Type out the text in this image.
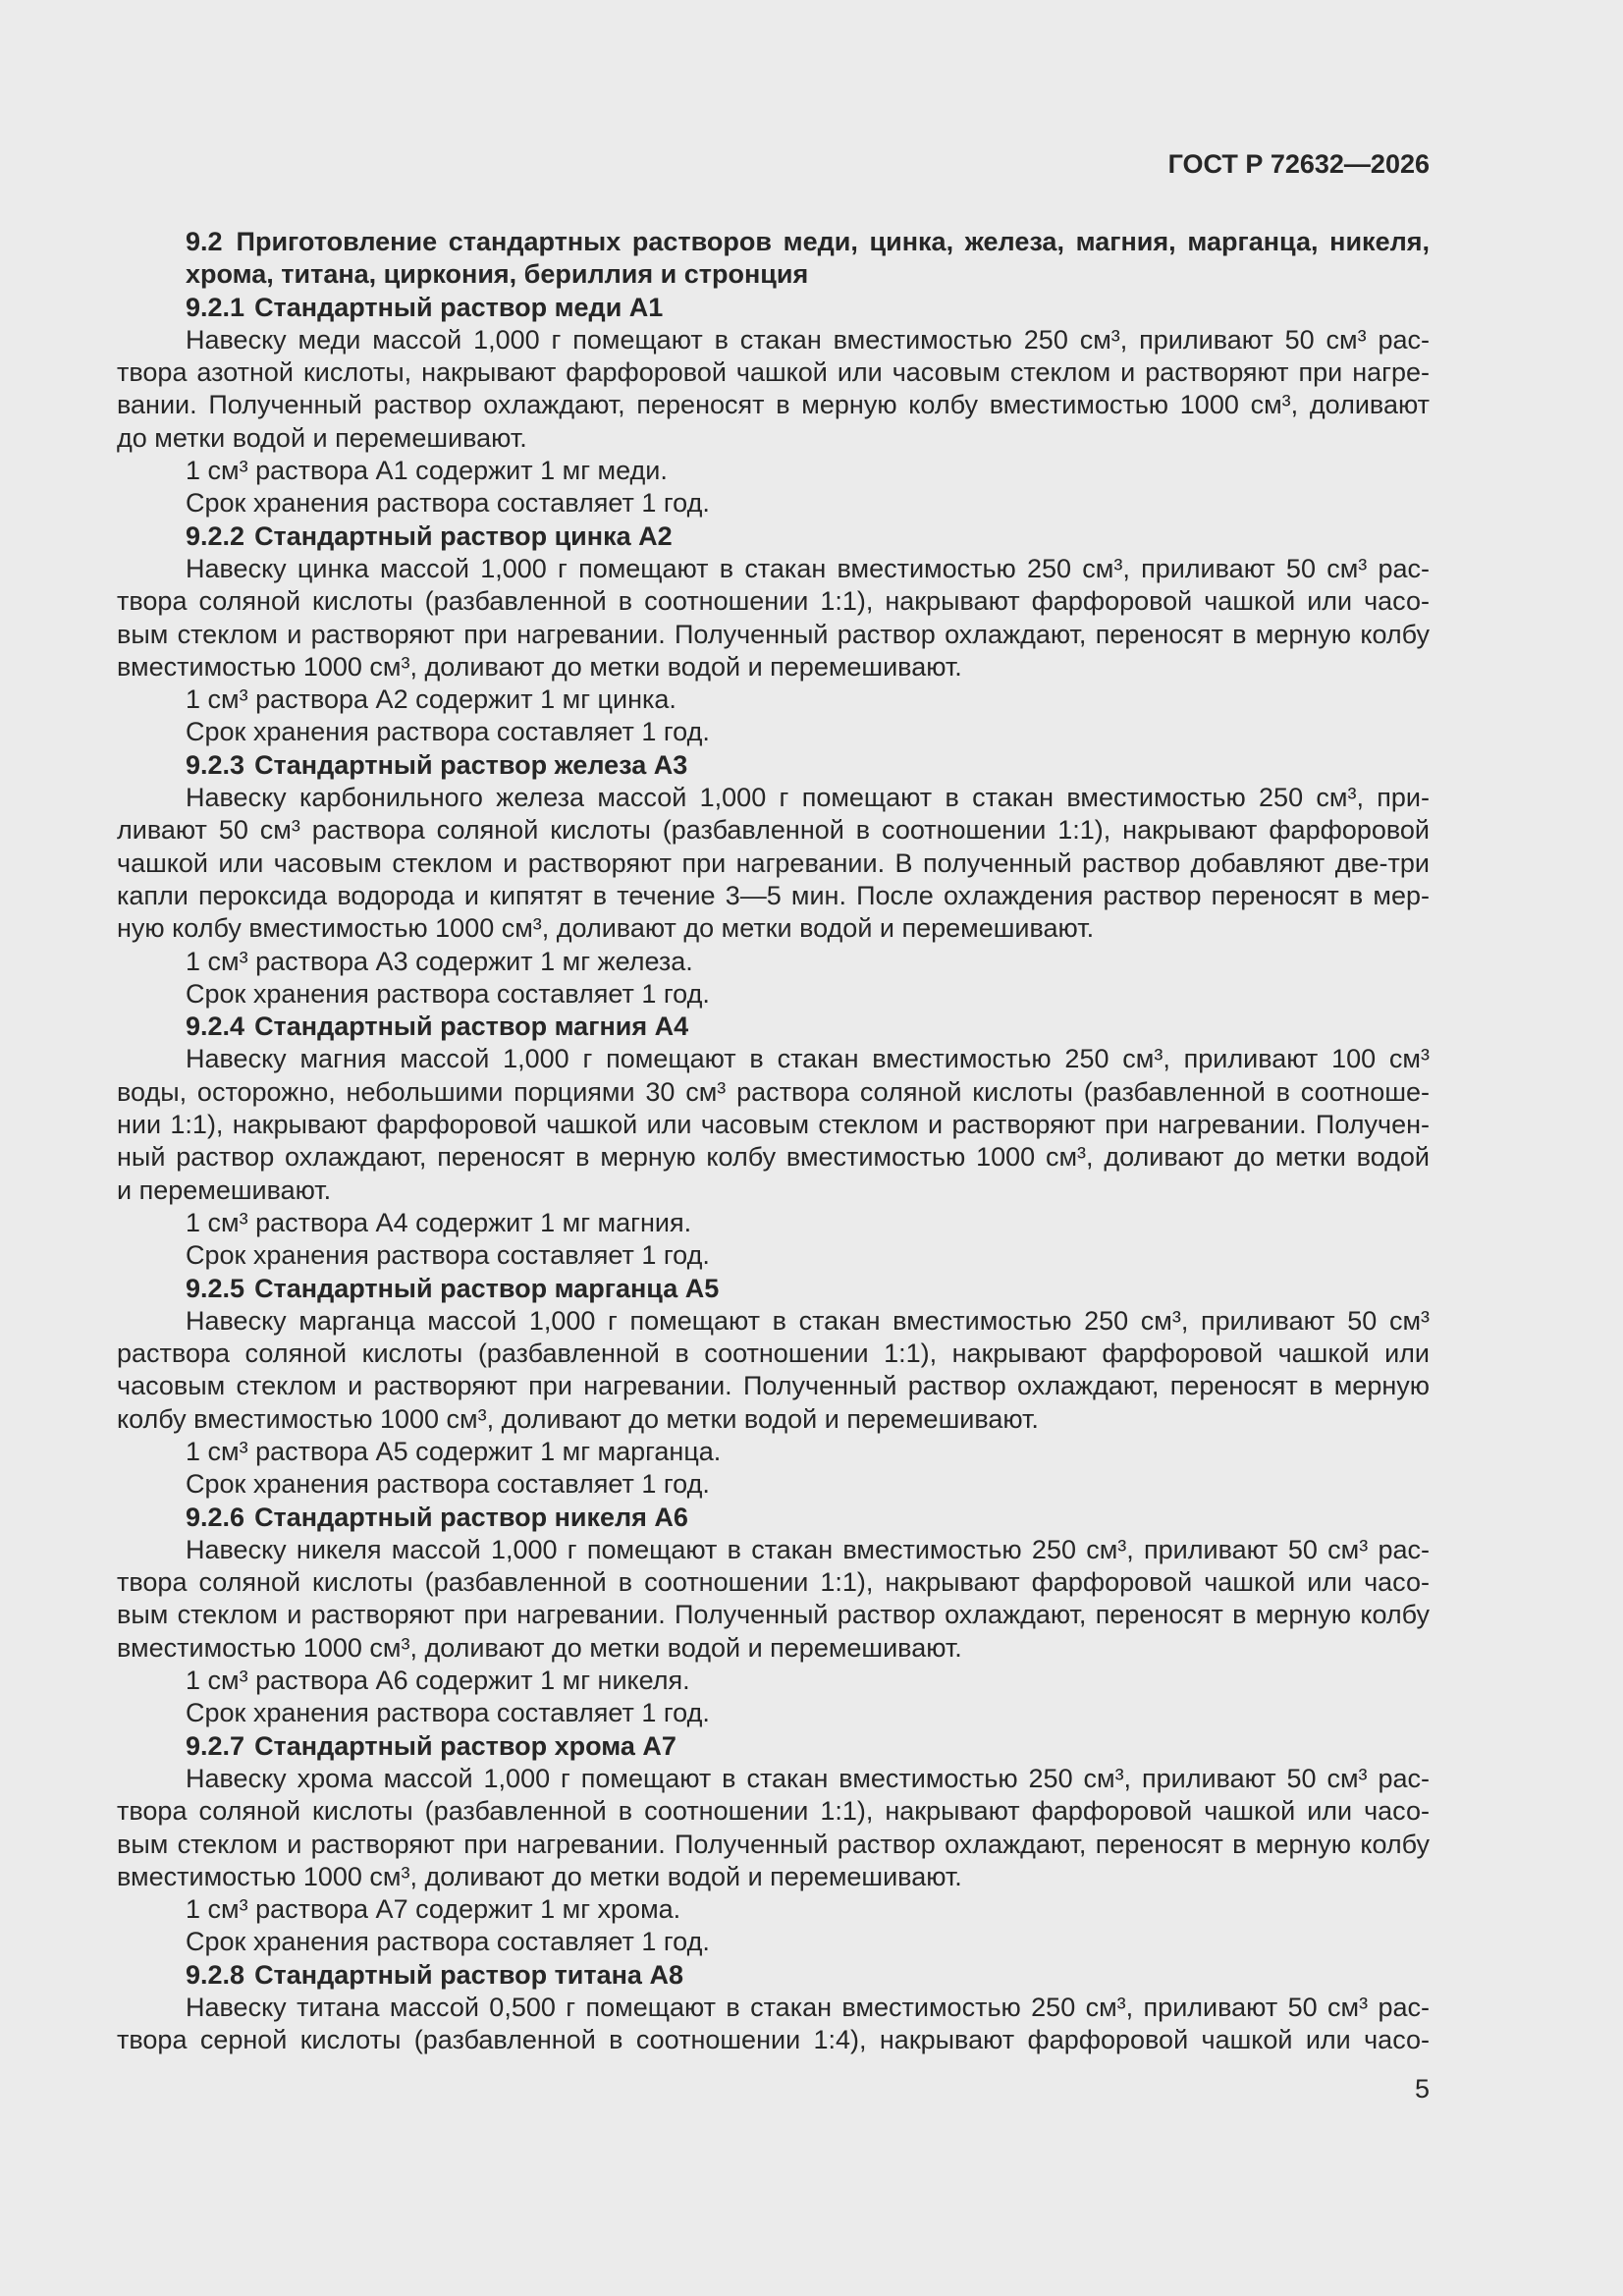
ГОСТ Р 72632—2026
9.2 Приготовление стандартных растворов меди, цинка, железа, магния, марганца, никеля,
хрома, титана, циркония, бериллия и стронция
9.2.1 Стандартный раствор меди А1
Навеску меди массой 1,000 г помещают в стакан вместимостью 250 см³, приливают 50 см³ рас-
твора азотной кислоты, накрывают фарфоровой чашкой или часовым стеклом и растворяют при нагре-
вании. Полученный раствор охлаждают, переносят в мерную колбу вместимостью 1000 см³, доливают
до метки водой и перемешивают.
1 см³ раствора А1 содержит 1 мг меди.
Срок хранения раствора составляет 1 год.
9.2.2 Стандартный раствор цинка А2
Навеску цинка массой 1,000 г помещают в стакан вместимостью 250 см³, приливают 50 см³ рас-
твора соляной кислоты (разбавленной в соотношении 1:1), накрывают фарфоровой чашкой или часо-
вым стеклом и растворяют при нагревании. Полученный раствор охлаждают, переносят в мерную колбу
вместимостью 1000 см³, доливают до метки водой и перемешивают.
1 см³ раствора А2 содержит 1 мг цинка.
Срок хранения раствора составляет 1 год.
9.2.3 Стандартный раствор железа А3
Навеску карбонильного железа массой 1,000 г помещают в стакан вместимостью 250 см³, при-
ливают 50 см³ раствора соляной кислоты (разбавленной в соотношении 1:1), накрывают фарфоровой
чашкой или часовым стеклом и растворяют при нагревании. В полученный раствор добавляют две-три
капли пероксида водорода и кипятят в течение 3—5 мин. После охлаждения раствор переносят в мер-
ную колбу вместимостью 1000 см³, доливают до метки водой и перемешивают.
1 см³ раствора А3 содержит 1 мг железа.
Срок хранения раствора составляет 1 год.
9.2.4 Стандартный раствор магния А4
Навеску магния массой 1,000 г помещают в стакан вместимостью 250 см³, приливают 100 см³
воды, осторожно, небольшими порциями 30 см³ раствора соляной кислоты (разбавленной в соотноше-
нии 1:1), накрывают фарфоровой чашкой или часовым стеклом и растворяют при нагревании. Получен-
ный раствор охлаждают, переносят в мерную колбу вместимостью 1000 см³, доливают до метки водой
и перемешивают.
1 см³ раствора А4 содержит 1 мг магния.
Срок хранения раствора составляет 1 год.
9.2.5 Стандартный раствор марганца А5
Навеску марганца массой 1,000 г помещают в стакан вместимостью 250 см³, приливают 50 см³
раствора соляной кислоты (разбавленной в соотношении 1:1), накрывают фарфоровой чашкой или
часовым стеклом и растворяют при нагревании. Полученный раствор охлаждают, переносят в мерную
колбу вместимостью 1000 см³, доливают до метки водой и перемешивают.
1 см³ раствора А5 содержит 1 мг марганца.
Срок хранения раствора составляет 1 год.
9.2.6 Стандартный раствор никеля А6
Навеску никеля массой 1,000 г помещают в стакан вместимостью 250 см³, приливают 50 см³ рас-
твора соляной кислоты (разбавленной в соотношении 1:1), накрывают фарфоровой чашкой или часо-
вым стеклом и растворяют при нагревании. Полученный раствор охлаждают, переносят в мерную колбу
вместимостью 1000 см³, доливают до метки водой и перемешивают.
1 см³ раствора А6 содержит 1 мг никеля.
Срок хранения раствора составляет 1 год.
9.2.7 Стандартный раствор хрома А7
Навеску хрома массой 1,000 г помещают в стакан вместимостью 250 см³, приливают 50 см³ рас-
твора соляной кислоты (разбавленной в соотношении 1:1), накрывают фарфоровой чашкой или часо-
вым стеклом и растворяют при нагревании. Полученный раствор охлаждают, переносят в мерную колбу
вместимостью 1000 см³, доливают до метки водой и перемешивают.
1 см³ раствора А7 содержит 1 мг хрома.
Срок хранения раствора составляет 1 год.
9.2.8 Стандартный раствор титана А8
Навеску титана массой 0,500 г помещают в стакан вместимостью 250 см³, приливают 50 см³ рас-
твора серной кислоты (разбавленной в соотношении 1:4), накрывают фарфоровой чашкой или часо-
5
